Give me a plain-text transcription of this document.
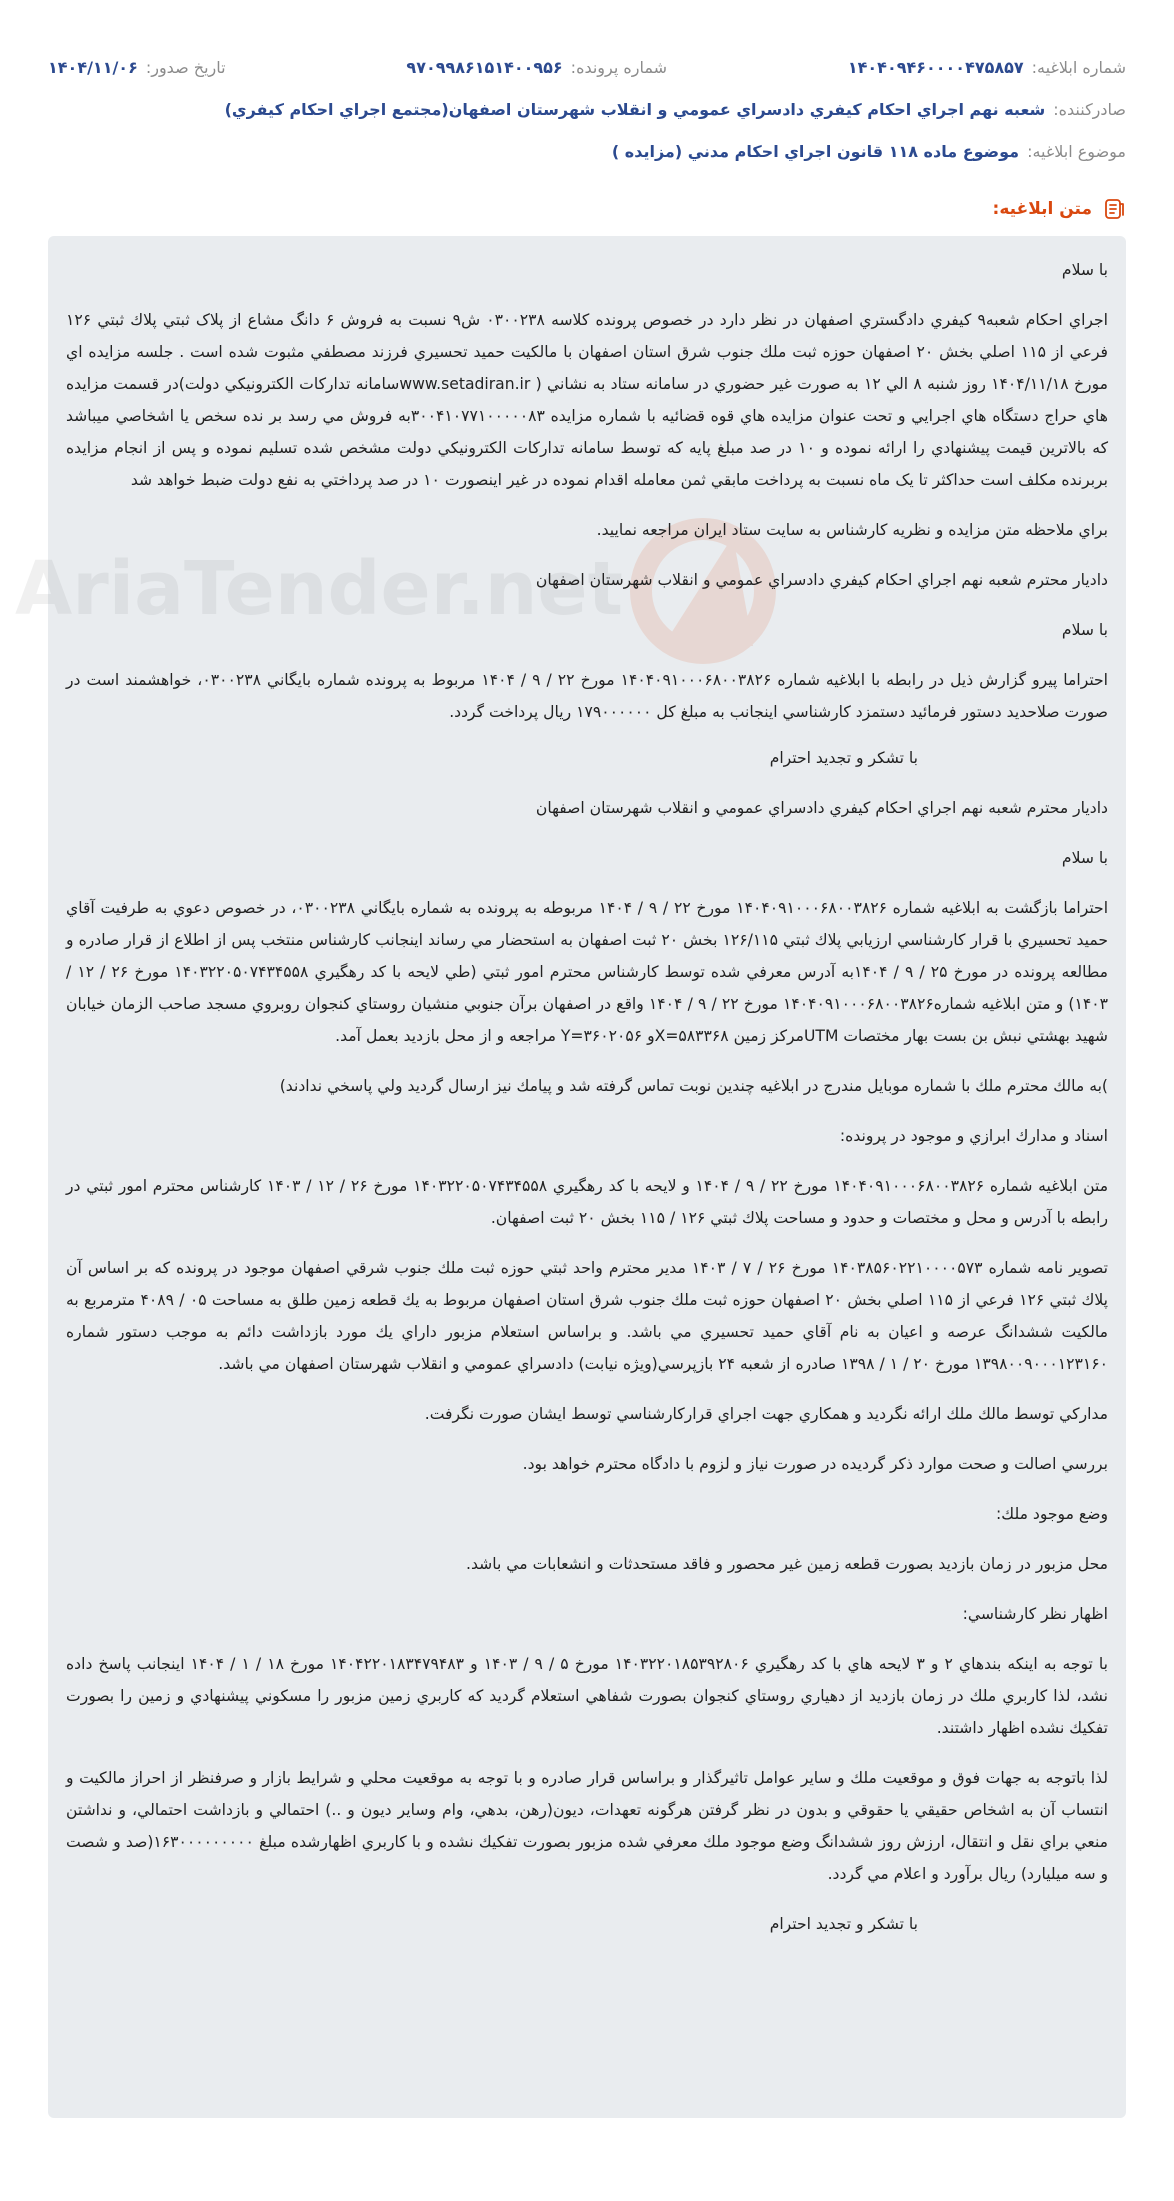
شماره ابلاغيه:
۱۴۰۴۰۹۴۶۰۰۰۰۴۷۵۸۵۷
شماره پرونده:
۹۷۰۹۹۸۶۱۵۱۴۰۰۹۵۶
تاريخ صدور:
۱۴۰۴/۱۱/۰۶
صادرکننده:
شعبه نهم اجراي احکام کيفري دادسراي عمومي و انقلاب شهرستان اصفهان(مجتمع اجراي احکام کيفري)
موضوع ابلاغيه:
موضوع ماده ۱۱۸ قانون اجراي احکام مدني (مزايده )
متن ابلاغيه:
AriaTender.net

با سلام

اجراي احکام شعبه۹ کيفري دادگستري اصفهان در نظر دارد در خصوص پرونده کلاسه ۰۳۰۰۲۳۸ ش۹ نسبت به فروش ۶ دانگ مشاع از پلاک ثبتي پلاك ثبتي ۱۲۶ فرعي از ۱۱۵ اصلي بخش ۲۰ اصفهان حوزه ثبت ملك جنوب شرق استان اصفهان با مالکيت حميد تحسيري فرزند مصطفي مثبوت شده است . جلسه مزايده اي مورخ ۱۴۰۴/۱۱/۱۸ روز شنبه ۸ الي ۱۲ به صورت غير حضوري در سامانه ستاد به نشاني ( www.setadiran.irسامانه تدارکات الکترونيکي دولت)در قسمت مزايده هاي حراج دستگاه هاي اجرايي و تحت عنوان مزايده هاي قوه قضائيه با شماره مزايده ۳۰۰۴۱۰۷۷۱۰۰۰۰۰۸۳به فروش مي رسد بر نده سخص يا اشخاصي ميباشد که بالاترين قيمت پيشنهادي را ارائه نموده و ۱۰ در صد مبلغ پايه که توسط سامانه تدارکات الکترونيکي دولت مشخص شده تسليم نموده و پس از انجام مزايده بربرنده مکلف است حداکثر تا يک ماه نسبت به پرداخت مابقي ثمن معامله اقدام نموده در غير اينصورت ۱۰ در صد پرداختي به نفع دولت ضبط خواهد شد

براي ملاحظه متن مزايده و نظريه کارشناس به سايت ستاد ايران مراجعه نماييد.

داديار محترم شعبه نهم اجراي احكام كيفري دادسراي عمومي و انقلاب شهرستان اصفهان

با سلام

احتراما پيرو گزارش ذيل در رابطه با ابلاغيه شماره ۱۴۰۴۰۹۱۰۰۰۶۸۰۰۳۸۲۶ مورخ ۲۲ / ۹ / ۱۴۰۴ مربوط به پرونده شماره بايگاني ۰۳۰۰۲۳۸، خواهشمند است در صورت صلاحديد دستور فرمائيد دستمزد كارشناسي اينجانب به مبلغ كل ۱۷۹۰۰۰۰۰۰ ريال پرداخت گردد.

با تشكر و تجديد احترام

داديار محترم شعبه نهم اجراي احكام كيفري دادسراي عمومي و انقلاب شهرستان اصفهان

با سلام

احتراما بازگشت به ابلاغيه شماره ۱۴۰۴۰۹۱۰۰۰۶۸۰۰۳۸۲۶ مورخ ۲۲ / ۹ / ۱۴۰۴ مربوطه به پرونده به شماره بايگاني ۰۳۰۰۲۳۸، در خصوص دعوي به طرفيت آقاي حميد تحسيري با قرار كارشناسي ارزيابي پلاك ثبتي ۱۲۶/۱۱۵ بخش ۲۰ ثبت اصفهان به استحضار مي رساند اينجانب كارشناس منتخب پس از اطلاع از قرار صادره و مطالعه پرونده در مورخ ۲۵ / ۹ / ۱۴۰۴به آدرس معرفي شده توسط كارشناس محترم امور ثبتي (طي لايحه با كد رهگيري ۱۴۰۳۲۲۰۵۰۷۴۳۴۵۵۸ مورخ ۲۶ / ۱۲ / ۱۴۰۳) و متن ابلاغيه شماره۱۴۰۴۰۹۱۰۰۰۶۸۰۰۳۸۲۶ مورخ ۲۲ / ۹ / ۱۴۰۴ واقع در اصفهان برآن جنوبي منشيان روستاي كنجوان روبروي مسجد صاحب الزمان خيابان شهيد بهشتي نبش بن بست بهار مختصات UTMمركز زمين X=۵۸۳۳۶۸و Y=۳۶۰۲۰۵۶ مراجعه و از محل بازديد بعمل آمد.

)به مالك محترم ملك با شماره موبايل مندرج در ابلاغيه چندين نوبت تماس گرفته شد و پيامك نيز ارسال گرديد ولي پاسخي ندادند)

اسناد و مدارك ابرازي و موجود در پرونده:

متن ابلاغيه شماره ۱۴۰۴۰۹۱۰۰۰۶۸۰۰۳۸۲۶ مورخ ۲۲ / ۹ / ۱۴۰۴ و لايحه با كد رهگيري ۱۴۰۳۲۲۰۵۰۷۴۳۴۵۵۸ مورخ ۲۶ / ۱۲ / ۱۴۰۳ كارشناس محترم امور ثبتي در رابطه با آدرس و محل و مختصات و حدود و مساحت پلاك ثبتي ۱۲۶ / ۱۱۵ بخش ۲۰ ثبت اصفهان.

تصوير نامه شماره ۱۴۰۳۸۵۶۰۲۲۱۰۰۰۰۵۷۳ مورخ ۲۶ / ۷ / ۱۴۰۳ مدير محترم واحد ثبتي حوزه ثبت ملك جنوب شرقي اصفهان موجود در پرونده كه بر اساس آن پلاك ثبتي ۱۲۶ فرعي از ۱۱۵ اصلي بخش ۲۰ اصفهان حوزه ثبت ملك جنوب شرق استان اصفهان مربوط به يك قطعه زمين طلق به مساحت ۰۵ / ۴۰۸۹ مترمربع به مالكيت ششدانگ عرصه و اعيان به نام آقاي حميد تحسيري مي باشد. و براساس استعلام مزبور داراي يك مورد بازداشت دائم به موجب دستور شماره ۱۳۹۸۰۰۹۰۰۰۱۲۳۱۶۰ مورخ ۲۰ / ۱ / ۱۳۹۸ صادره از شعبه ۲۴ بازپرسي(ويژه نيابت) دادسراي عمومي و انقلاب شهرستان اصفهان مي باشد.

مداركي توسط مالك ملك ارائه نگرديد و همكاري جهت اجراي قراركارشناسي توسط ايشان صورت نگرفت.

بررسي اصالت و صحت موارد ذكر گرديده در صورت نياز و لزوم با دادگاه محترم خواهد بود.

وضع موجود ملك:

محل مزبور در زمان بازديد بصورت قطعه زمين غير محصور و فاقد مستحدثات و انشعابات مي باشد.

اظهار نظر كارشناسي:

با توجه به اينكه بندهاي ۲ و ۳ لايحه هاي با كد رهگيري ۱۴۰۳۲۲۰۱۸۵۳۹۲۸۰۶ مورخ ۵ / ۹ / ۱۴۰۳ و ۱۴۰۴۲۲۰۱۸۳۴۷۹۴۸۳ مورخ ۱۸ / ۱ / ۱۴۰۴ اينجانب پاسخ داده نشد، لذا كاربري ملك در زمان بازديد از دهياري روستاي كنجوان بصورت شفاهي استعلام گرديد كه كاربري زمين مزبور را مسكوني پيشنهادي و زمين را بصورت تفكيك نشده اظهار داشتند.

لذا باتوجه به جهات فوق و موقعيت ملك و ساير عوامل تاثيرگذار و براساس قرار صادره و با توجه به موقعيت محلي و شرايط بازار و صرفنظر از احراز مالكيت و انتساب آن به اشخاص حقيقي يا حقوقي و بدون در نظر گرفتن هرگونه تعهدات، ديون(رهن، بدهي، وام وساير ديون و ..) احتمالي و بازداشت احتمالي، و نداشتن منعي براي نقل و انتقال، ارزش روز ششدانگ وضع موجود ملك معرفي شده مزبور بصورت تفكيك نشده و با كاربري اظهارشده مبلغ ۱۶۳۰۰۰۰۰۰۰۰۰(صد و شصت و سه ميليارد) ريال برآورد و اعلام مي گردد.

با تشكر و تجديد احترام
